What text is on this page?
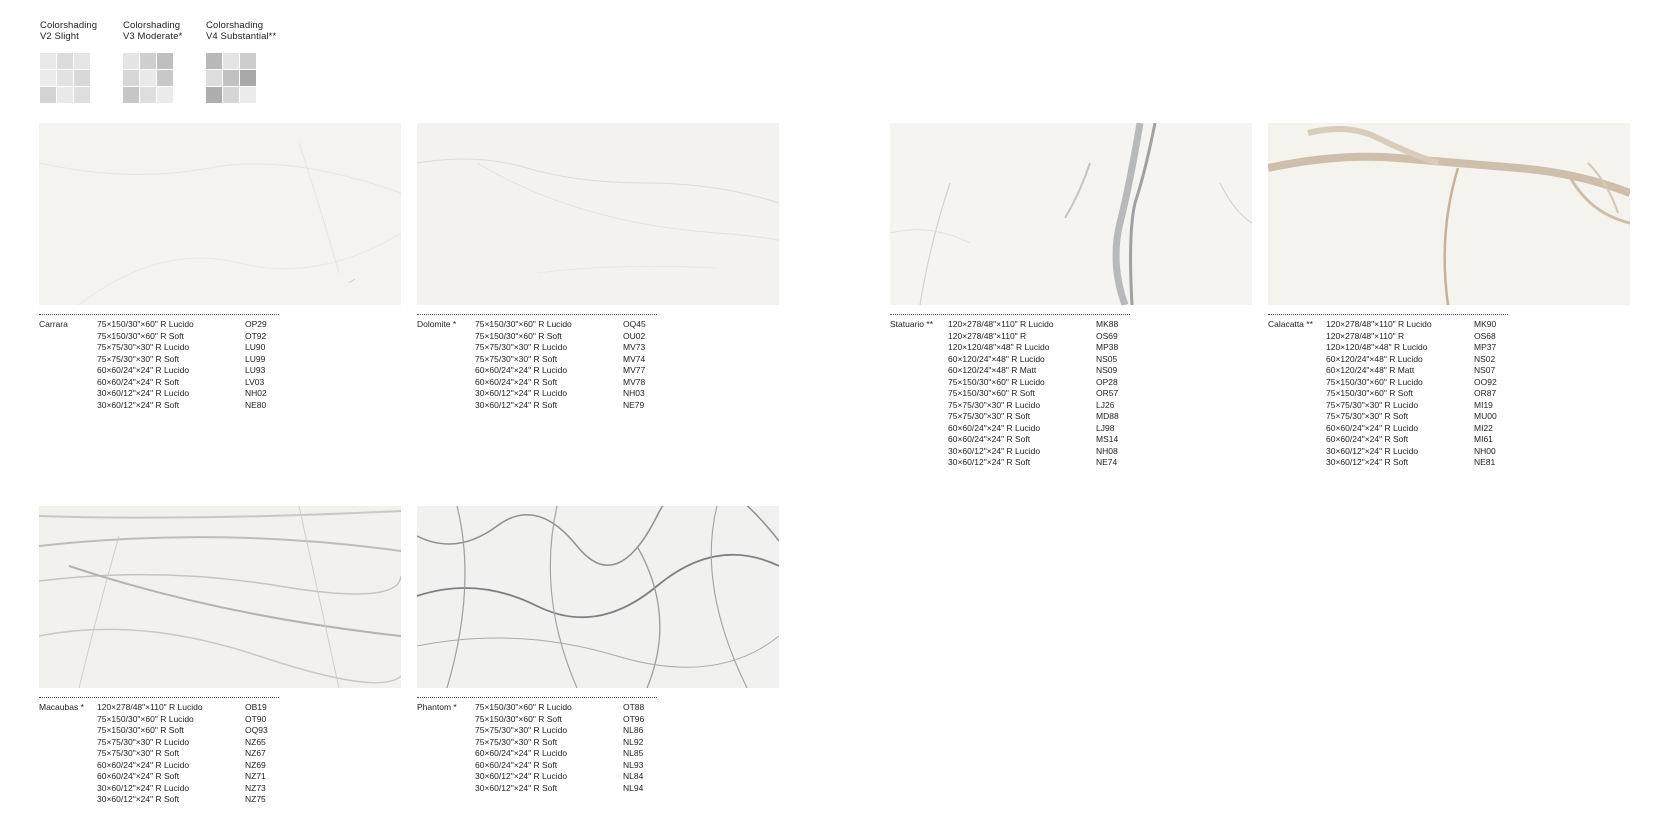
Colorshading
V2 Slight
Colorshading
V3 Moderate*
Colorshading
V4 Substantial**
Carrara	75×150/30"×60" R Lucido	OP29
75×150/30"×60" R Soft	OT92
75×75/30"×30" R Lucido	LU90
75×75/30"×30" R Soft	LU99
60×60/24"×24" R Lucido	LU93
60×60/24"×24" R Soft	LV03
30×60/12"×24" R Lucido	NH02
30×60/12"×24" R Soft	NE80
Dolomite * 75×150/30"×60" R Lucido	OQ45
75×150/30"×60" R Soft	OU02
75×75/30"×30" R Lucido	MV73
75×75/30"×30" R Soft	MV74
60×60/24"×24" R Lucido	MV77
60×60/24"×24" R Soft	MV78
30×60/12"×24" R Lucido	NH03
30×60/12"×24" R Soft	NE79
Statuario ** 120×278/48"×110" R Lucido	MK88
120×278/48"×110" R	OS69
120×120/48"×48" R Lucido	MP38
60×120/24"×48" R Lucido	NS05
60×120/24"×48" R Matt	NS09
75×150/30"×60" R Lucido	OP28
75×150/30"×60" R Soft	OR57
75×75/30"×30" R Lucido	LJ26
75×75/30"×30" R Soft	MD88
60×60/24"×24" R Lucido	LJ98
60×60/24"×24" R Soft	MS14
30×60/12"×24" R Lucido	NH08
30×60/12"×24" R Soft	NE74
Calacatta ** 120×278/48"×110" R Lucido	MK90
120×278/48"×110" R	OS68
120×120/48"×48" R Lucido	MP37
60×120/24"×48" R Lucido	NS02
60×120/24"×48" R Matt	NS07
75×150/30"×60" R Lucido	OO92
75×150/30"×60" R Soft	OR87
75×75/30"×30" R Lucido	MI19
75×75/30"×30" R Soft	MU00
60×60/24"×24" R Lucido	MI22
60×60/24"×24" R Soft	MI61
30×60/12"×24" R Lucido	NH00
30×60/12"×24" R Soft	NE81
Macaubas * 120×278/48"×110" R Lucido	OB19
75×150/30"×60" R Lucido	OT90
75×150/30"×60" R Soft	OQ93
75×75/30"×30" R Lucido	NZ65
75×75/30"×30" R Soft	NZ67
60×60/24"×24" R Lucido	NZ69
60×60/24"×24" R Soft	NZ71
30×60/12"×24" R Lucido	NZ73
30×60/12"×24" R Soft	NZ75
Phantom * 75×150/30"×60" R Lucido	OT88
75×150/30"×60" R Soft	OT96
75×75/30"×30" R Lucido	NL86
75×75/30"×30" R Soft	NL92
60×60/24"×24" R Lucido	NL85
60×60/24"×24" R Soft	NL93
30×60/12"×24" R Lucido	NL84
30×60/12"×24" R Soft	NL94
